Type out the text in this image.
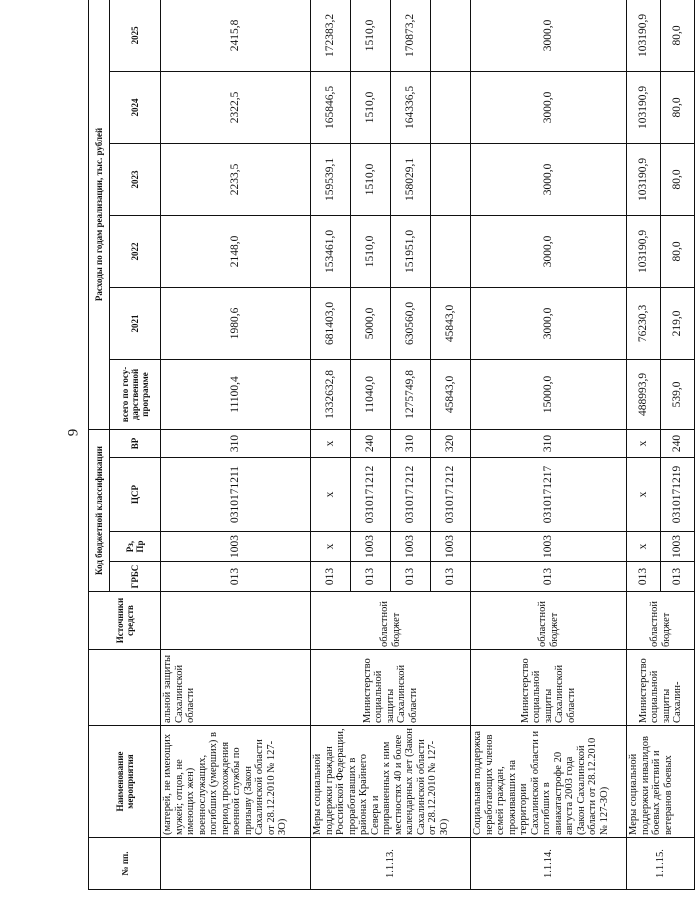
9
№ пп.	Наименование мероприятия		Источники средств	Код бюджетной классификации				Расходы по годам реализации, тыс. рублей					
				ГРБС	Рз, Пр	ЦСР	ВР	всего по госу- дарственной программе	2021	2022	2023	2024	2025
	(матерей, не имеющих мужей; отцов, не имеющих жен) военнослужащих, погибших (умерших) в период прохождения военной службы по призыву (Закон Сахалинской области от 28.12.2010 № 127-ЗО)	альной защиты Сахалинской области		013	1003	0310171211	310	11100,4	1980,6	2148,0	2233,5	2322,5	2415,8
1.1.13.	Меры социальной поддержки граждан Российской Федерации, проработавших в районах Крайнего Севера и приравненных к ним местностях 40 и более календарных лет (Закон Сахалинской области от 28.12.2010 № 127-ЗО)	Министерство социальной защиты Сахалинской области	областной бюджет	013	х	х	х	1332632,8	681403,0	153461,0	159539,1	165846,5	172383,2
				013	1003	0310171212	240	11040,0	5000,0	1510,0	1510,0	1510,0	1510,0
				013	1003	0310171212	310	1275749,8	630560,0	151951,0	158029,1	164336,5	170873,2
				013	1003	0310171212	320	45843,0	45843,0				
1.1.14.	Социальная поддержка неработающих членов семей граждан, проживавших на территории Сахалинской области и погибших в авиакатастрофе 20 августа 2003 года (Закон Сахалинской области от 28.12.2010 № 127-ЗО)	Министерство социальной защиты Сахалинской области	областной бюджет	013	1003	0310171217	310	15000,0	3000,0	3000,0	3000,0	3000,0	3000,0
1.1.15.	Меры социальной поддержки инвалидов боевых действий и ветеранов боевых	Министерство социальной защиты Сахалин-	областной бюджет	013	х	х	х	488993,9	76230,3	103190,9	103190,9	103190,9	103190,9
				013	1003	0310171219	240	539,0	219,0	80,0	80,0	80,0	80,0
